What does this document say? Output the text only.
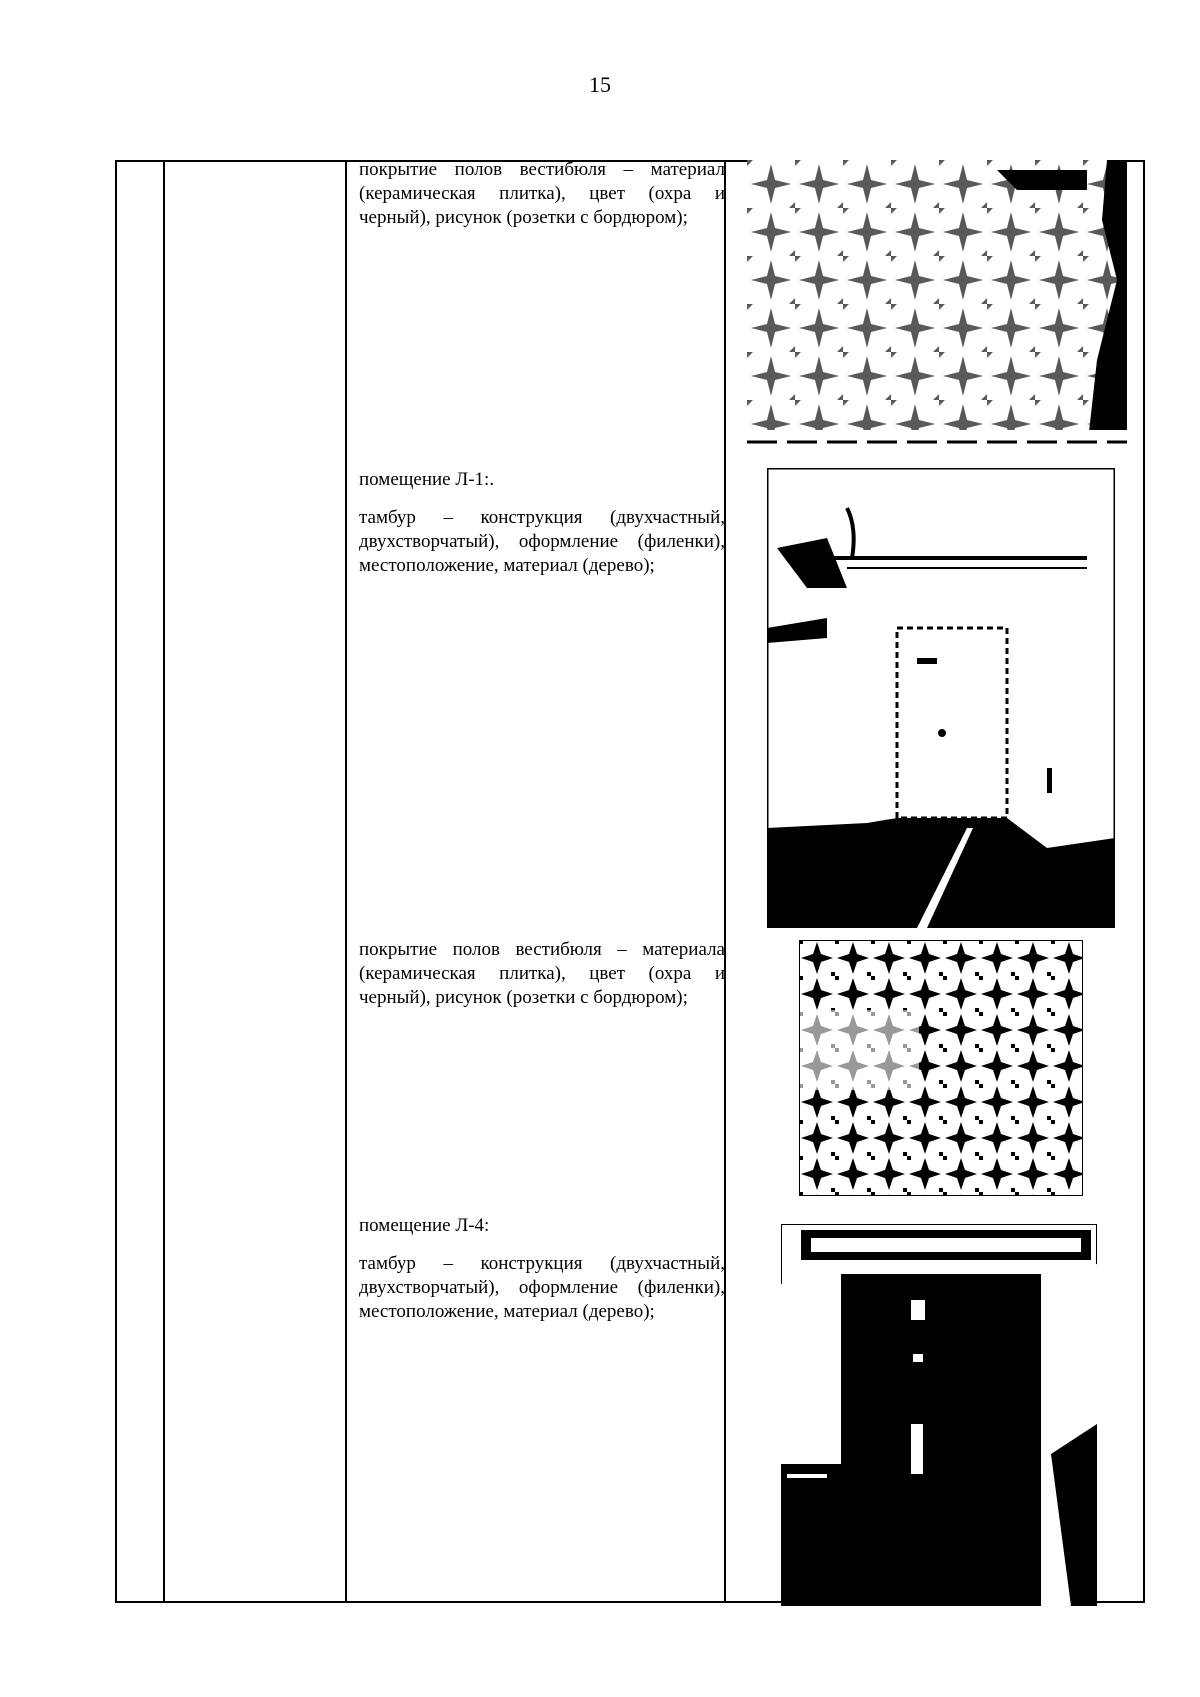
15

покрытие полов вестибюля – материал (керамическая плитка), цвет (охра и черный), рисунок (розетки с бордюром);

помещение Л-1:.

тамбур – конструкция (двухчастный, двухстворчатый), оформление (филенки), местоположение, материал (дерево);

покрытие полов вестибюля – материала (керамическая плитка), цвет (охра и черный), рисунок (розетки с бордюром);

помещение Л-4:

тамбур – конструкция (двухчастный, двухстворчатый), оформление (филенки), местоположение, материал (дерево);
